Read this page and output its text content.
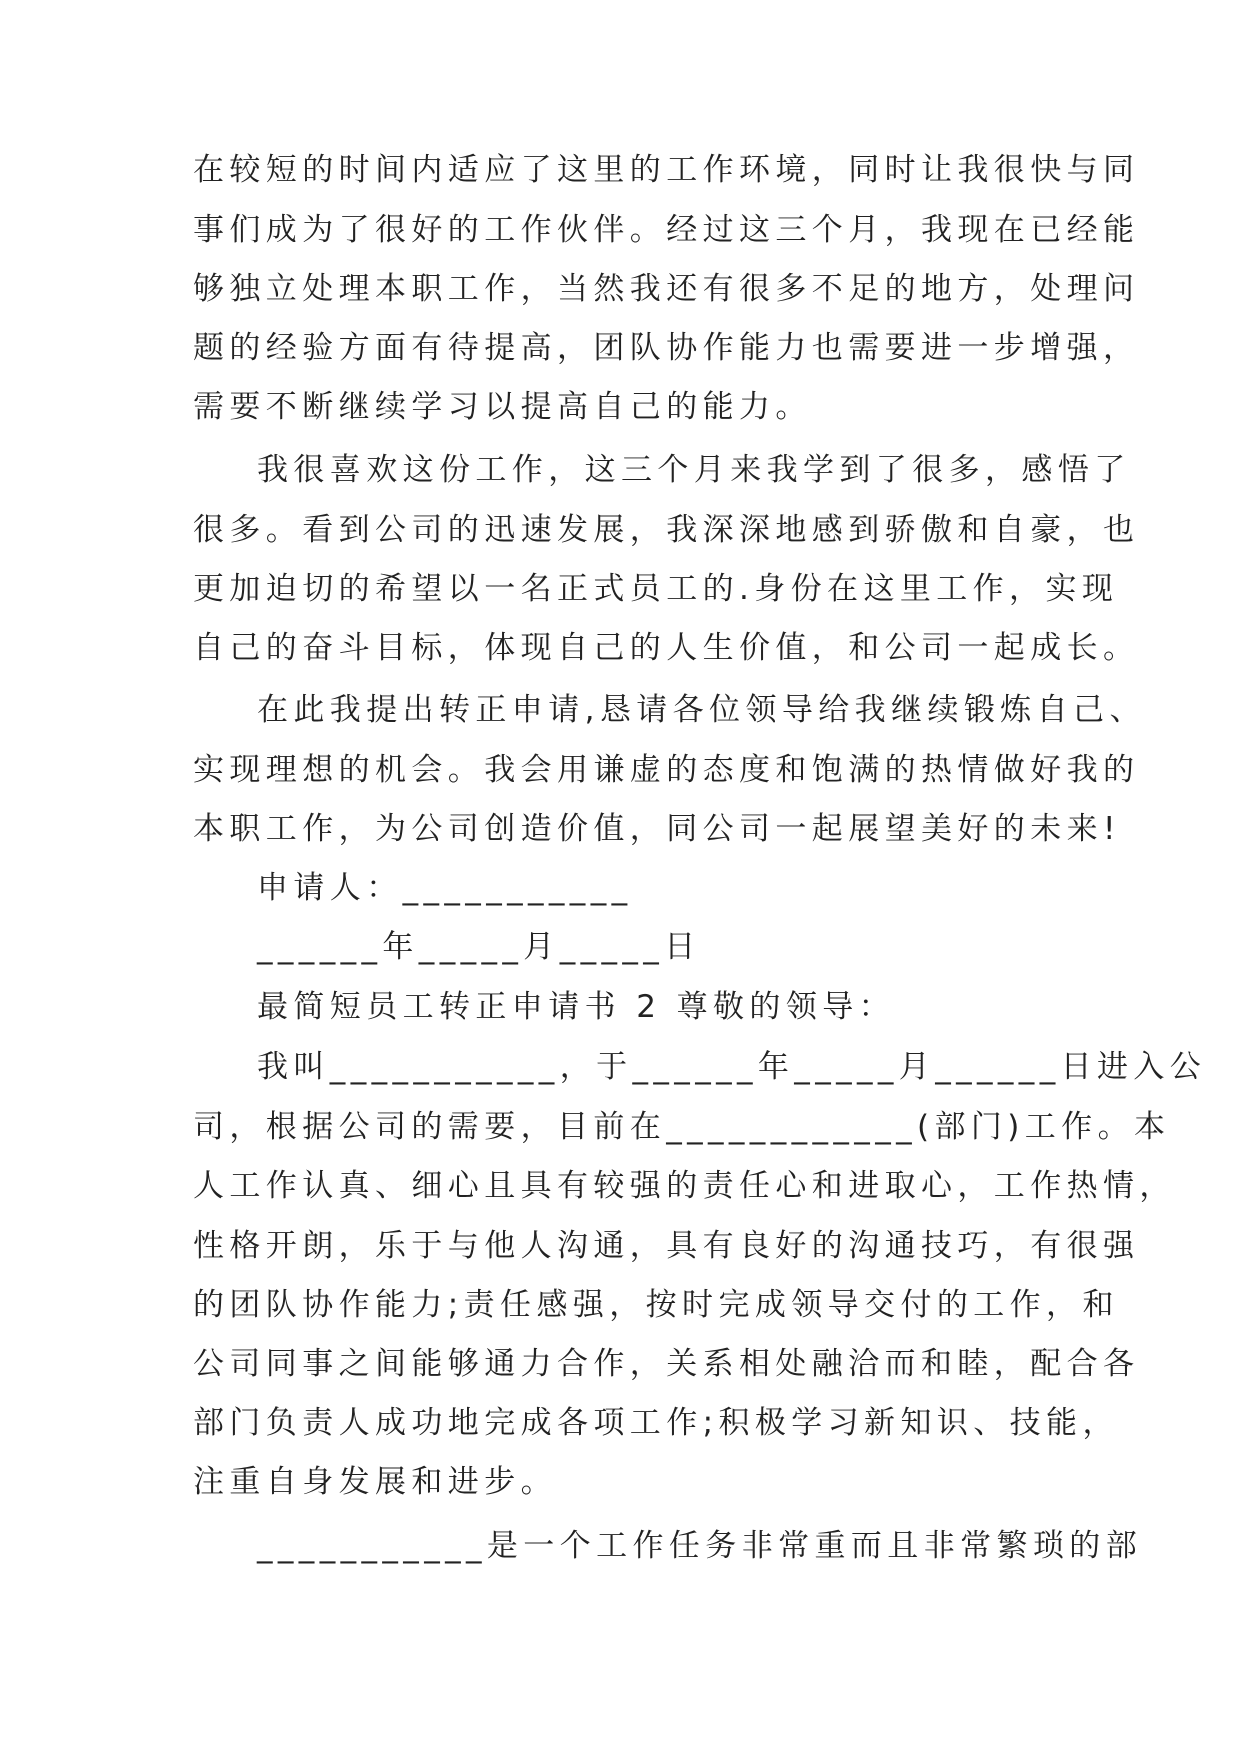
在较短的时间内适应了这里的工作环境，同时让我很快与同
事们成为了很好的工作伙伴。经过这三个月，我现在已经能
够独立处理本职工作，当然我还有很多不足的地方，处理问
题的经验方面有待提高，团队协作能力也需要进一步增强，
需要不断继续学习以提高自己的能力。
我很喜欢这份工作，这三个月来我学到了很多，感悟了
很多。看到公司的迅速发展，我深深地感到骄傲和自豪，也
更加迫切的希望以一名正式员工的.身份在这里工作，实现
自己的奋斗目标，体现自己的人生价值，和公司一起成长。
在此我提出转正申请,恳请各位领导给我继续锻炼自己、
实现理想的机会。我会用谦虚的态度和饱满的热情做好我的
本职工作，为公司创造价值，同公司一起展望美好的未来!
申请人：___________
______年_____月_____日
最简短员工转正申请书 2 尊敬的领导：
我叫___________，于______年_____月______日进入公
司，根据公司的需要，目前在____________(部门)工作。本
人工作认真、细心且具有较强的责任心和进取心，工作热情，
性格开朗，乐于与他人沟通，具有良好的沟通技巧，有很强
的团队协作能力;责任感强，按时完成领导交付的工作，和
公司同事之间能够通力合作，关系相处融洽而和睦，配合各
部门负责人成功地完成各项工作;积极学习新知识、技能，
注重自身发展和进步。
___________是一个工作任务非常重而且非常繁琐的部
